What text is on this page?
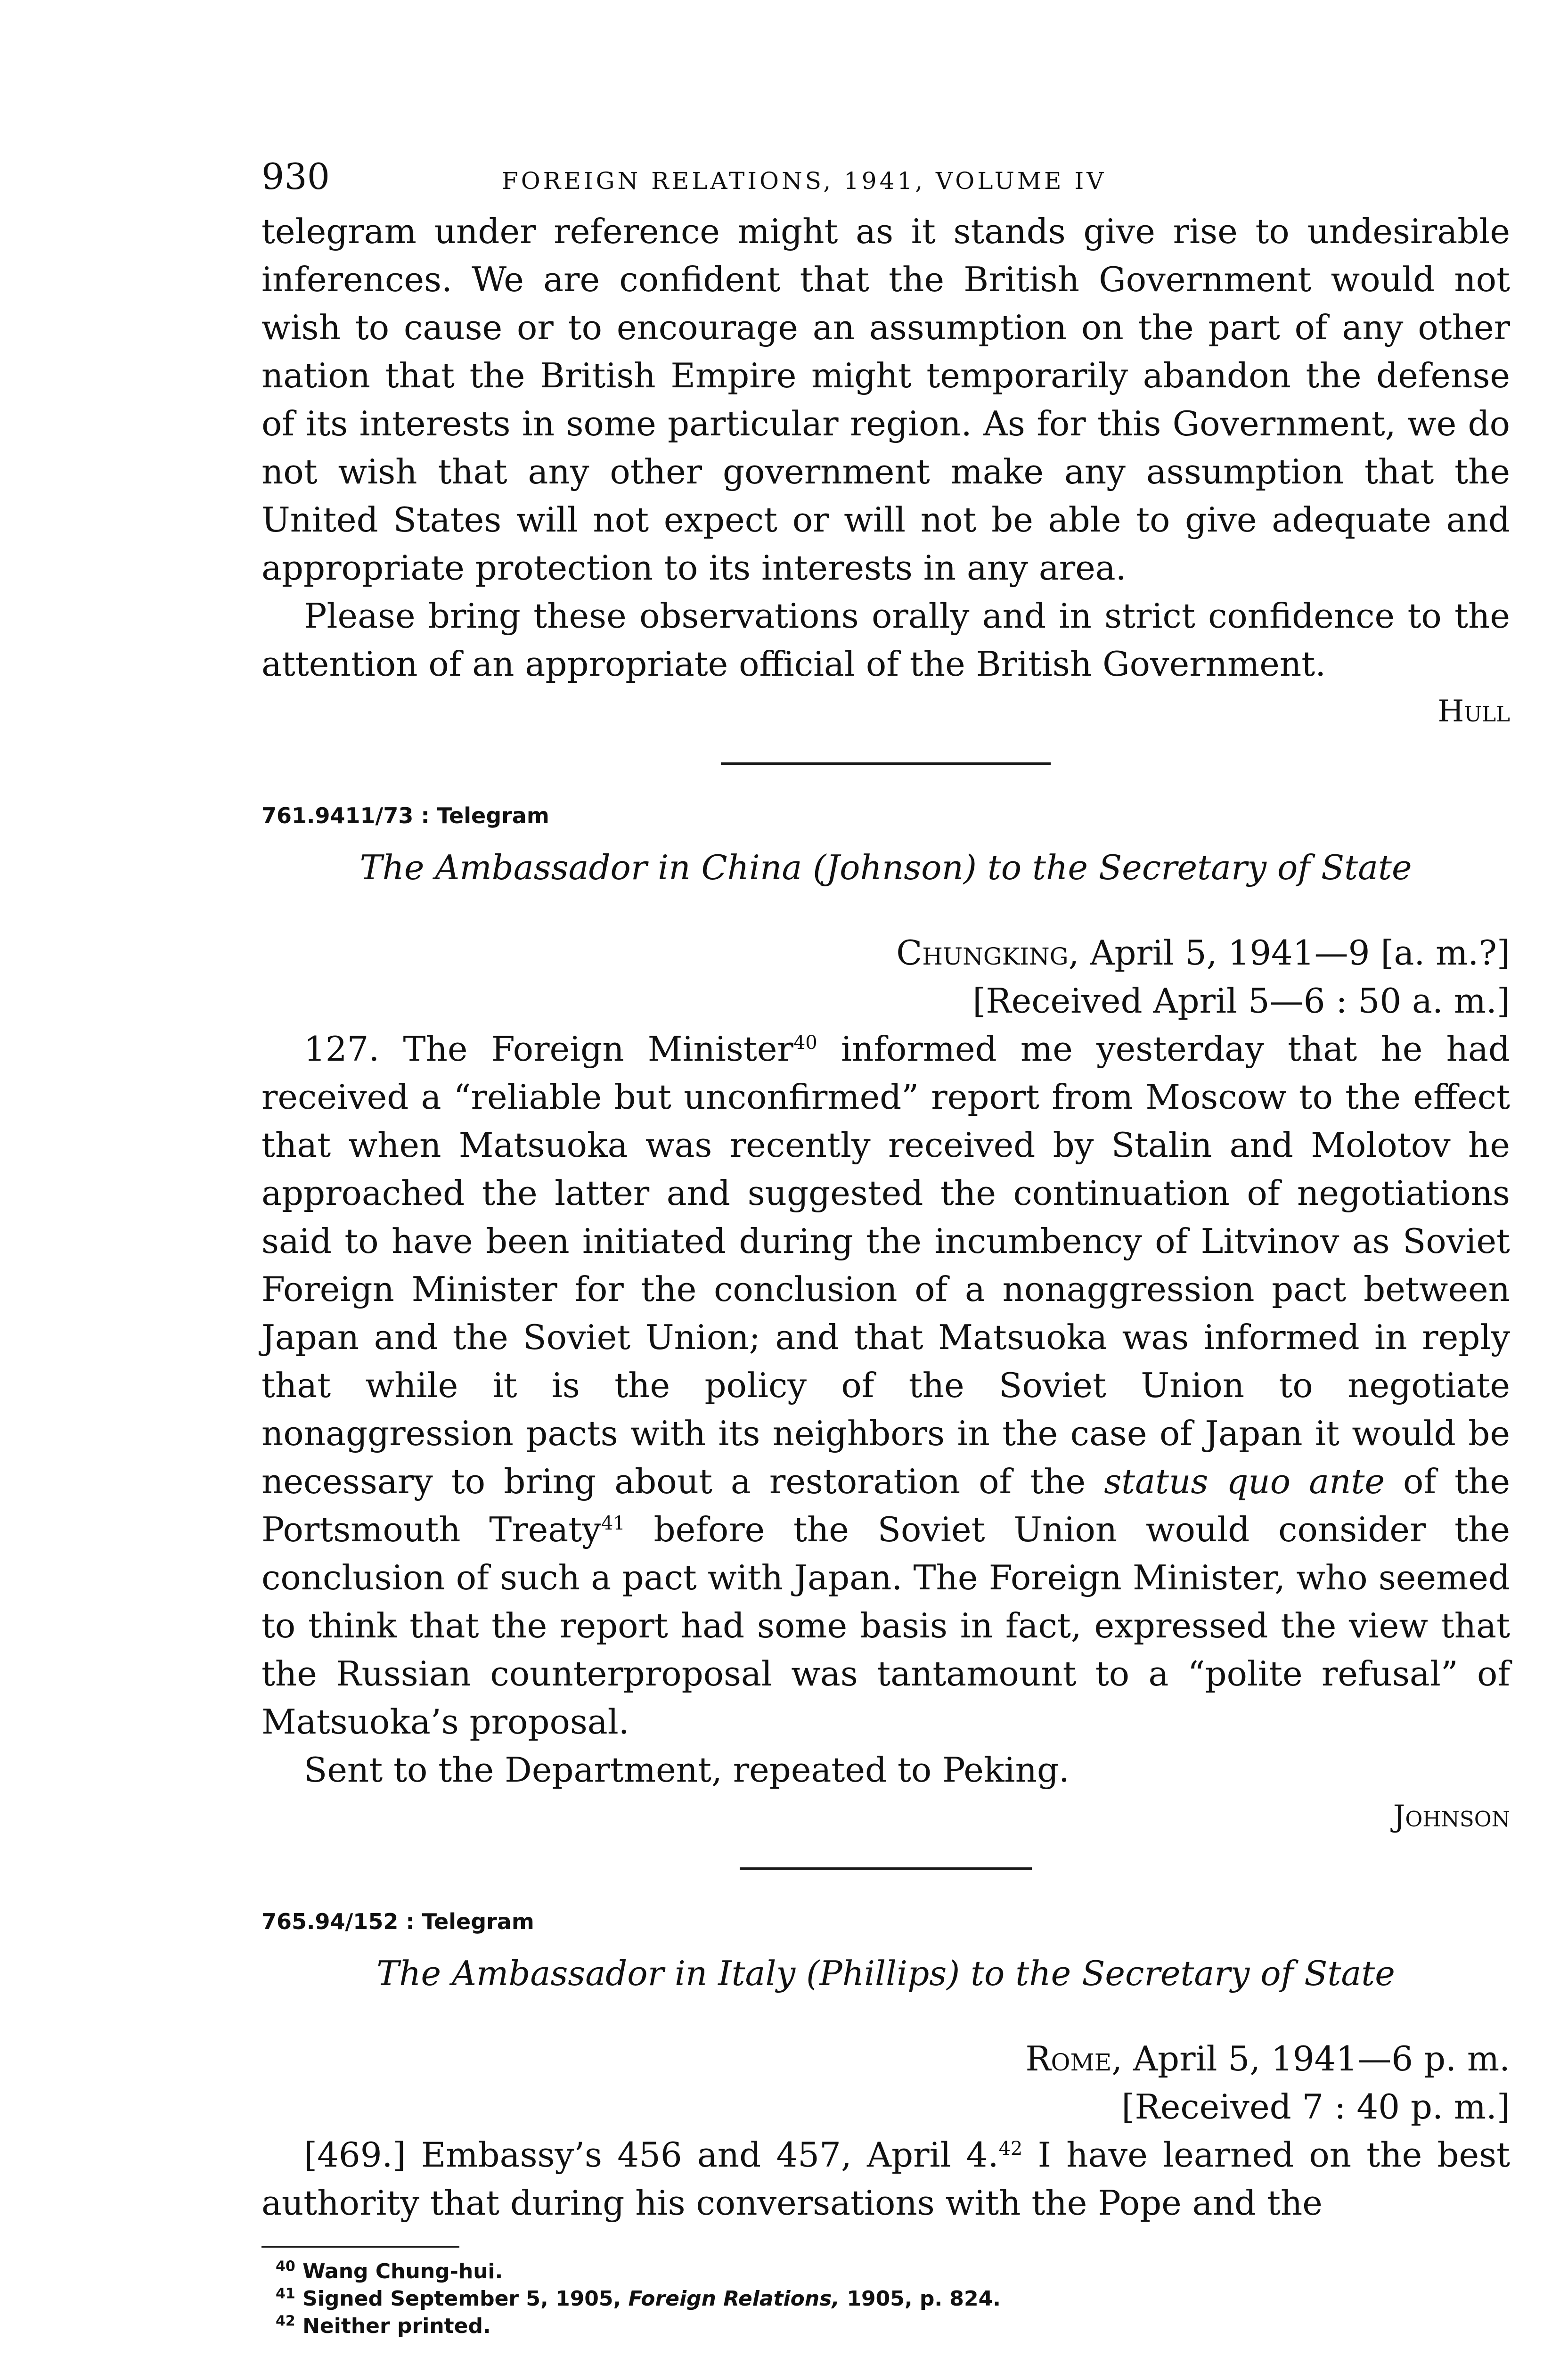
930	FOREIGN RELATIONS, 1941, VOLUME IV

telegram under reference might as it stands give rise to undesirable inferences. We are confident that the British Government would not wish to cause or to encourage an assumption on the part of any other nation that the British Empire might temporarily abandon the defense of its interests in some particular region. As for this Government, we do not wish that any other government make any assumption that the United States will not expect or will not be able to give adequate and appropriate protection to its interests in any area.

Please bring these observations orally and in strict confidence to the attention of an appropriate official of the British Government.

Hull

761.9411/73 : Telegram

The Ambassador in China (Johnson) to the Secretary of State

Chungking, April 5, 1941—9 [a. m.?]

[Received April 5—6 : 50 a. m.]

127. The Foreign Minister$^{40}$ informed me yesterday that he had received a “reliable but unconfirmed” report from Moscow to the effect that when Matsuoka was recently received by Stalin and Molotov he approached the latter and suggested the continuation of negotiations said to have been initiated during the incumbency of Litvinov as Soviet Foreign Minister for the conclusion of a nonaggression pact between Japan and the Soviet Union; and that Matsuoka was informed in reply that while it is the policy of the Soviet Union to negotiate nonaggression pacts with its neighbors in the case of Japan it would be necessary to bring about a restoration of the status quo ante of the Portsmouth Treaty$^{41}$ before the Soviet Union would consider the conclusion of such a pact with Japan. The Foreign Minister, who seemed to think that the report had some basis in fact, expressed the view that the Russian counterproposal was tantamount to a “polite refusal” of Matsuoka’s proposal.

Sent to the Department, repeated to Peking.

Johnson

765.94/152 : Telegram

The Ambassador in Italy (Phillips) to the Secretary of State

Rome, April 5, 1941—6 p. m.

[Received 7 : 40 p. m.]

[469.] Embassy’s 456 and 457, April 4.42 I have learned on the best authority that during his conversations with the Pope and the

$^{40}$ Wang Chung-hui.

$^{41}$ Signed September 5, 1905, Foreign Relations, 1905, p. 824.

$^{42}$ Neither printed.
